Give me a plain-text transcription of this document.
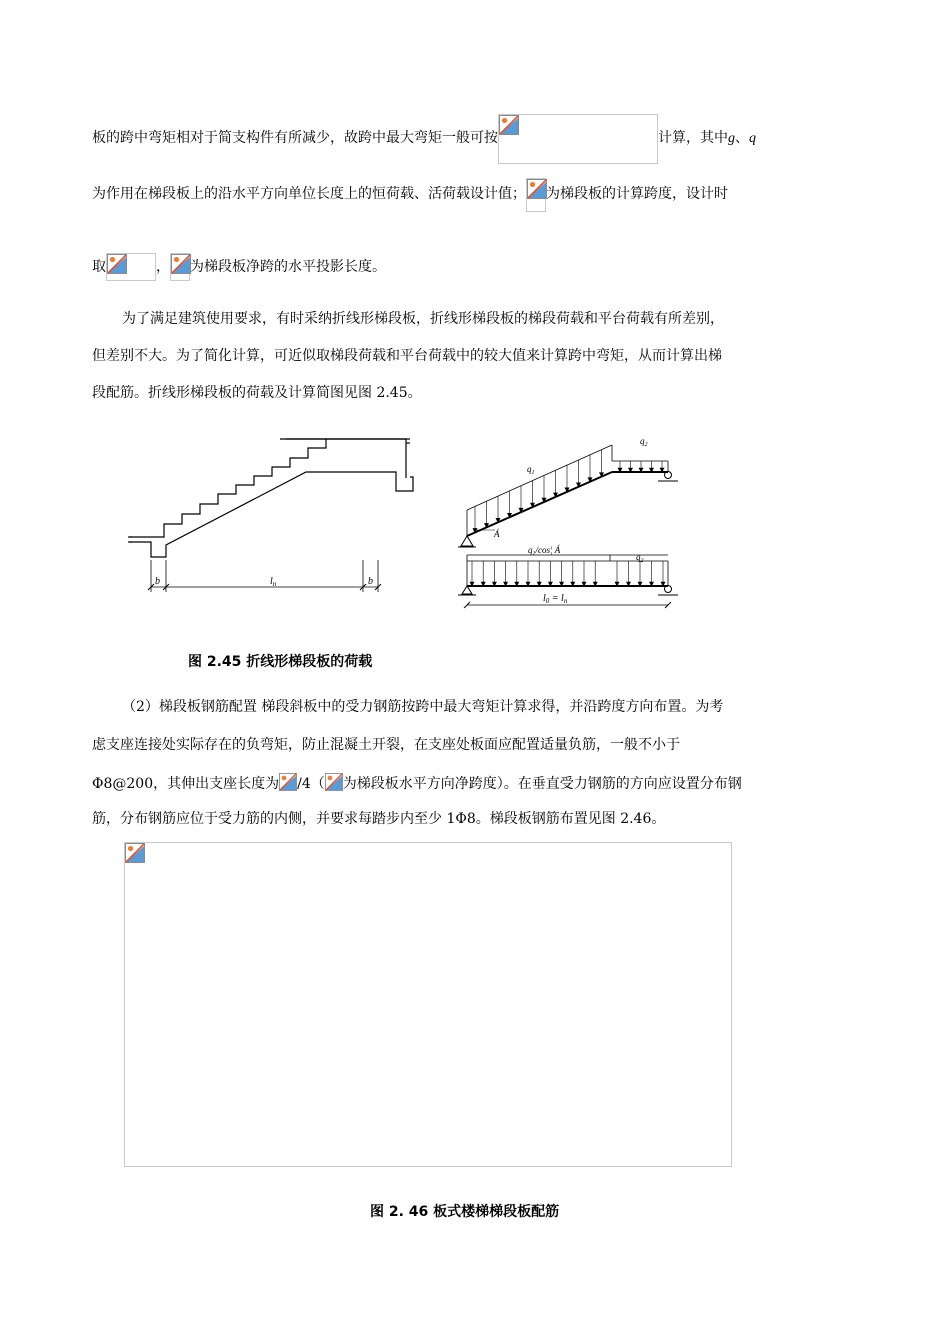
板的跨中弯矩相对于简支构件有所减少，故跨中最大弯矩一般可按	计算，其中g、q
为作用在梯段板上的沿水平方向单位长度上的恒荷载、活荷载设计值； 为梯段板的计算跨度，设计时
取	， 为梯段板净跨的水平投影长度。
为了满足建筑使用要求，有时采纳折线形梯段板，折线形梯段板的梯段荷载和平台荷载有所差别，
但差别不大。为了简化计算，可近似取梯段荷载和平台荷载中的较大值来计算跨中弯矩，从而计算出梯
段配筋。折线形梯段板的荷载及计算简图见图 2.45。
b	$l_n$	b
$q_1$
$q_2$
Á
$q_1/\cos¦$ Á
$q_2$
$l_0 = l_n$
图 2.45 折线形梯段板的荷载
（2）梯段板钢筋配置 梯段斜板中的受力钢筋按跨中最大弯矩计算求得，并沿跨度方向布置。为考
虑支座连接处实际存在的负弯矩，防止混凝土开裂，在支座处板面应配置适量负筋，一般不小于
Φ8@200，其伸出支座长度为 /4（ 为梯段板水平方向净跨度）。在垂直受力钢筋的方向应设置分布钢
筋，分布钢筋应位于受力筋的内侧，并要求每踏步内至少 1Φ8。梯段板钢筋布置见图 2.46。
图 2. 46 板式楼梯梯段板配筋
